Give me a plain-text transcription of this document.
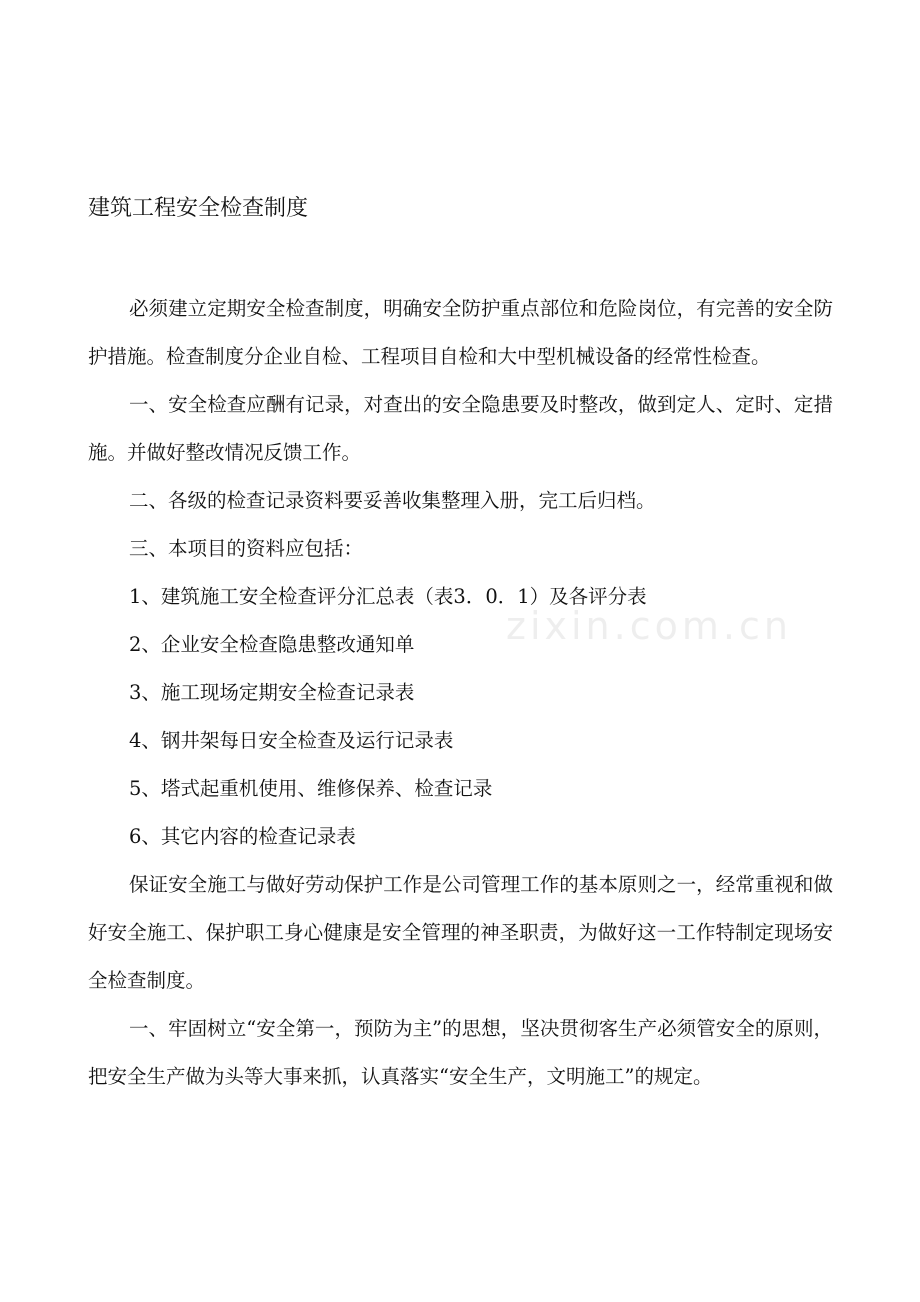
建筑工程安全检查制度

必须建立定期安全检查制度，明确安全防护重点部位和危险岗位，有完善的安全防护措施。检查制度分企业自检、工程项目自检和大中型机械设备的经常性检查。

一、安全检查应酬有记录，对查出的安全隐患要及时整改，做到定人、定时、定措施。并做好整改情况反馈工作。

二、各级的检查记录资料要妥善收集整理入册，完工后归档。

三、本项目的资料应包括：

1、建筑施工安全检查评分汇总表（表3．0．1）及各评分表

2、企业安全检查隐患整改通知单

3、施工现场定期安全检查记录表

4、钢井架每日安全检查及运行记录表

5、塔式起重机使用、维修保养、检查记录

6、其它内容的检查记录表

保证安全施工与做好劳动保护工作是公司管理工作的基本原则之一，经常重视和做好安全施工、保护职工身心健康是安全管理的神圣职责，为做好这一工作特制定现场安全检查制度。

一、牢固树立“安全第一，预防为主”的思想，坚决贯彻客生产必须管安全的原则，把安全生产做为头等大事来抓，认真落实“安全生产，文明施工”的规定。

zixin.com.cn
